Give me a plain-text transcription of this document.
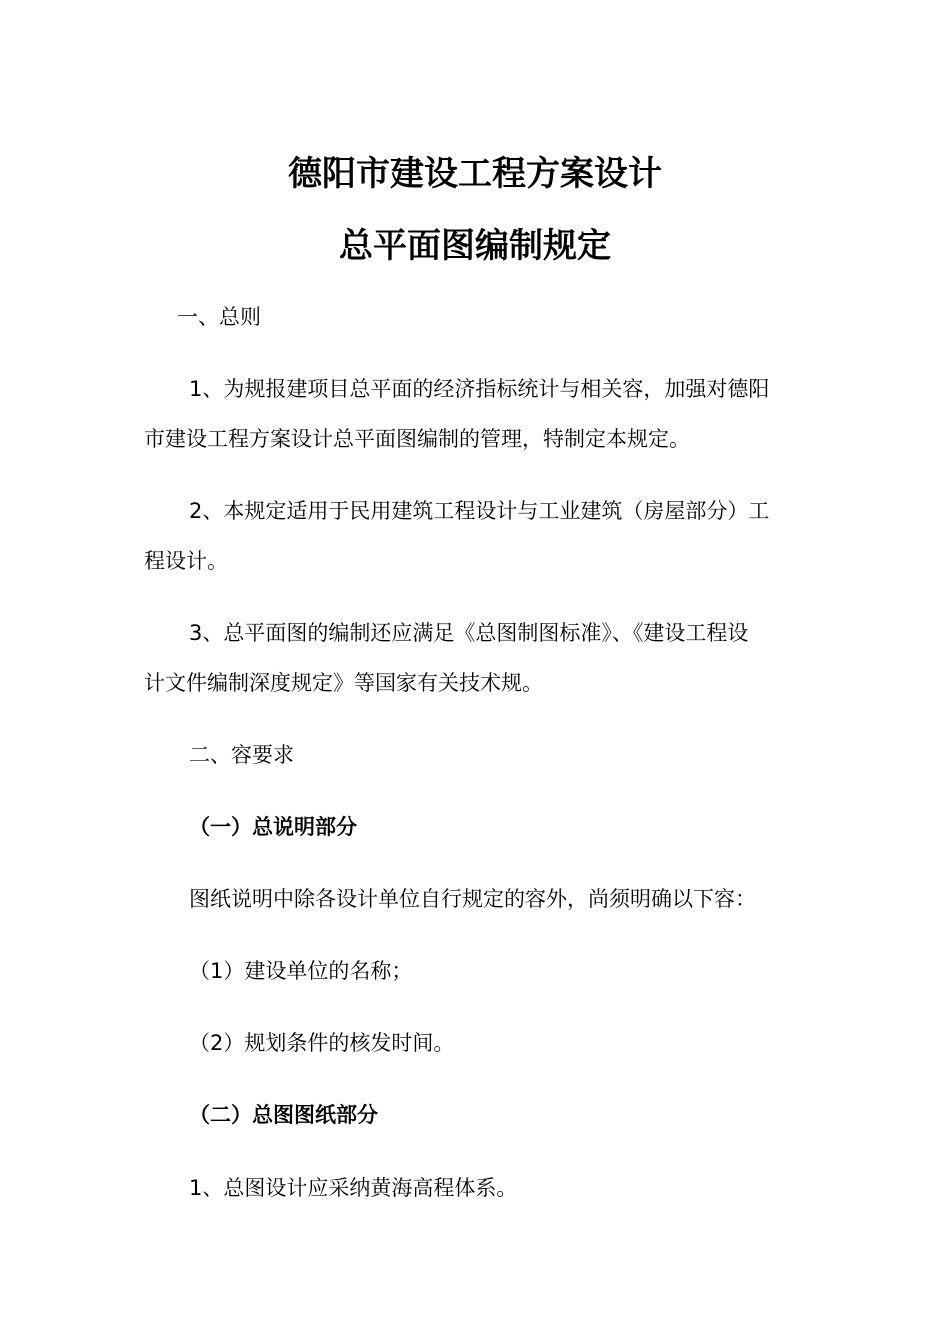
德阳市建设工程方案设计
总平面图编制规定
一、总则
1、为规报建项目总平面的经济指标统计与相关容，加强对德阳
市建设工程方案设计总平面图编制的管理，特制定本规定。
2、本规定适用于民用建筑工程设计与工业建筑（房屋部分）工
程设计。
3、总平面图的编制还应满足《总图制图标准》、《建设工程设
计文件编制深度规定》等国家有关技术规。
二、容要求
（一）总说明部分
图纸说明中除各设计单位自行规定的容外，尚须明确以下容：
（1）建设单位的名称；
（2）规划条件的核发时间。
（二）总图图纸部分
1、总图设计应采纳黄海高程体系。
